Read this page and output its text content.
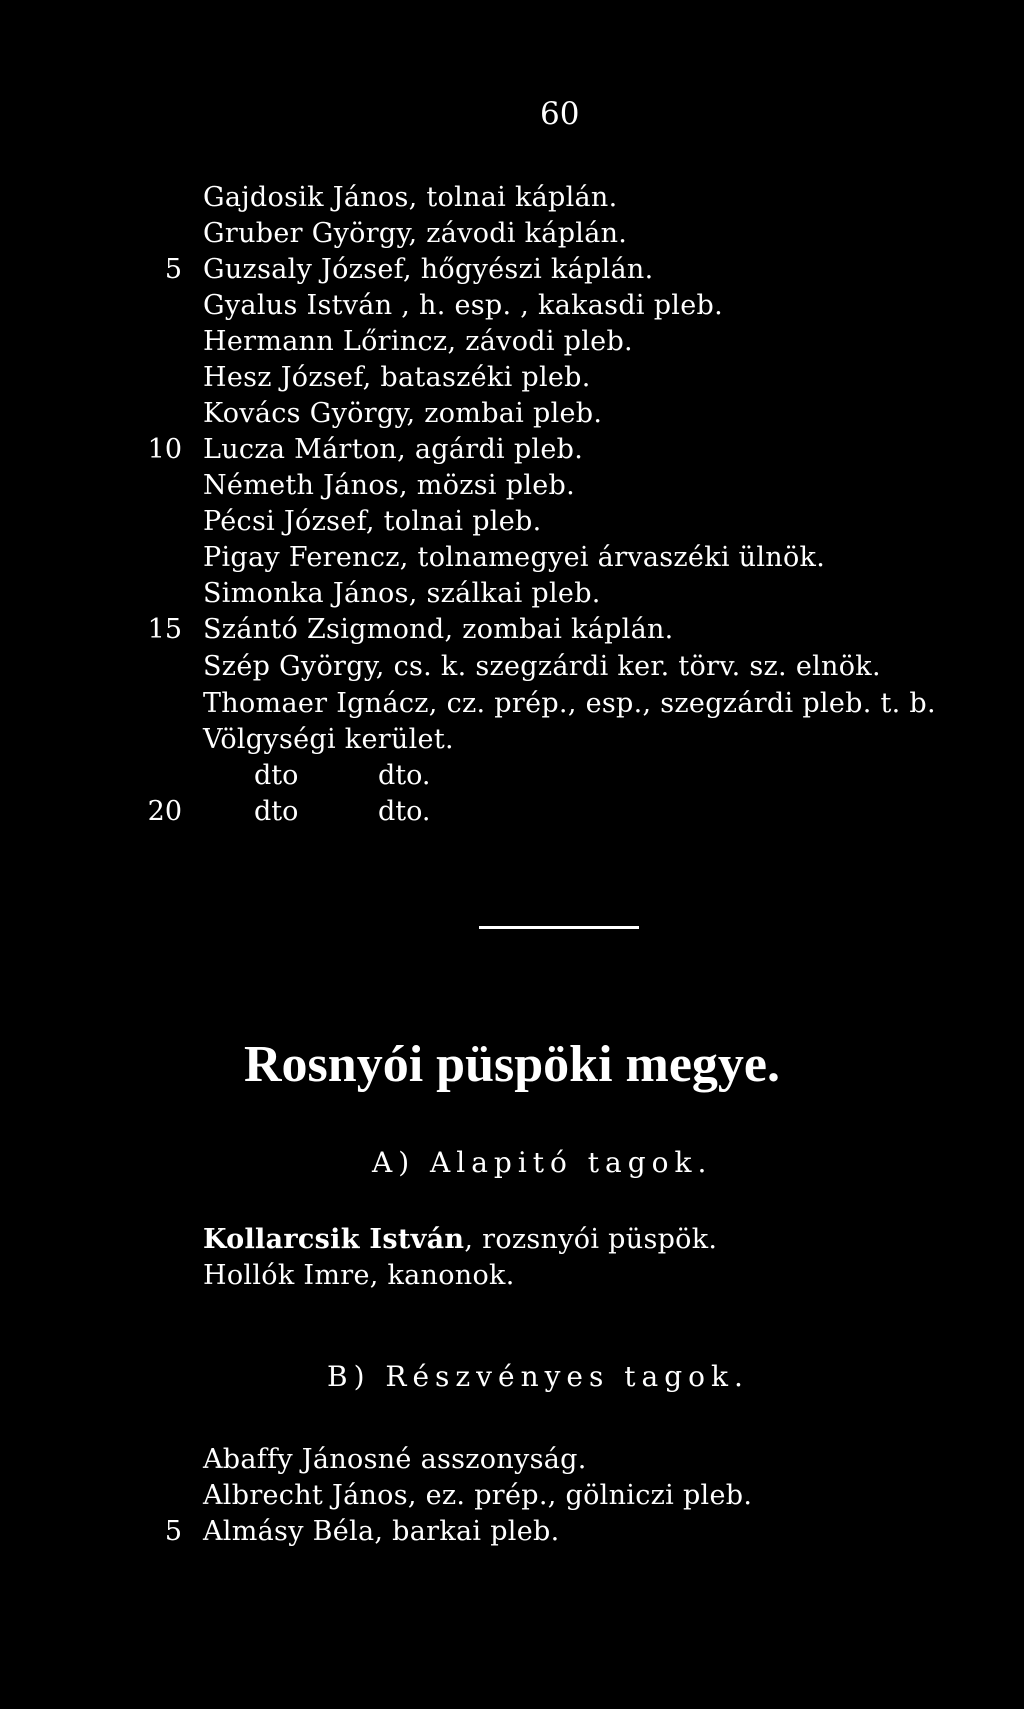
60
Gajdosik János, tolnai káplán.
Gruber György, závodi káplán.
5 Guzsaly József, hőgyészi káplán.
Gyalus István , h. esp. , kakasdi pleb.
Hermann Lőrincz, závodi pleb.
Hesz József, bataszéki pleb.
Kovács György, zombai pleb.
10 Lucza Márton, agárdi pleb.
Németh János, mözsi pleb.
Pécsi József, tolnai pleb.
Pigay Ferencz, tolnamegyei árvaszéki ülnök.
Simonka János, szálkai pleb.
15 Szántó Zsigmond, zombai káplán.
Szép György, cs. k. szegzárdi ker. törv. sz. elnök.
Thomaer Ignácz, cz. prép., esp., szegzárdi pleb. t. b.
Völgységi kerület.
dto	dto.
20	dto	dto.
Rosnyói püspöki megye.
A) Alapitó tagok.
Kollarcsik István, rozsnyói püspök.
Hollók Imre, kanonok.
B) Részvényes tagok.
Abaffy Jánosné asszonyság.
Albrecht János, ez. prép., gölniczi pleb.
5 Almásy Béla, barkai pleb.
